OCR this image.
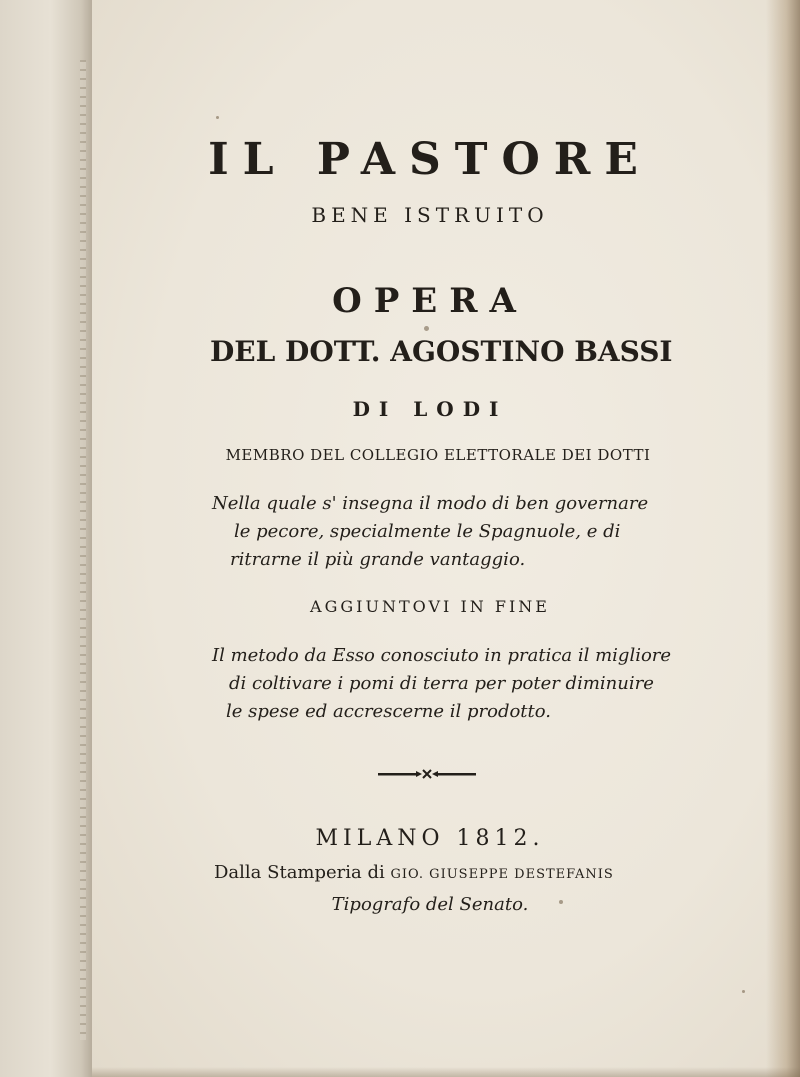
IL PASTORE
BENE ISTRUITO
OPERA
DEL DOTT. AGOSTINO BASSI
DI LODI
MEMBRO DEL COLLEGIO ELETTORALE DEI DOTTI
Nella quale s' insegna il modo di ben governare
le pecore, specialmente le Spagnuole, e di
ritrarne il più grande vantaggio.
AGGIUNTOVI IN FINE
Il metodo da Esso conosciuto in pratica il migliore
di coltivare i pomi di terra per poter diminuire
le spese ed accrescerne il prodotto.
MILANO 1812.
Dalla Stamperia di GIO. GIUSEPPE DESTEFANIS
Tipografo del Senato.
